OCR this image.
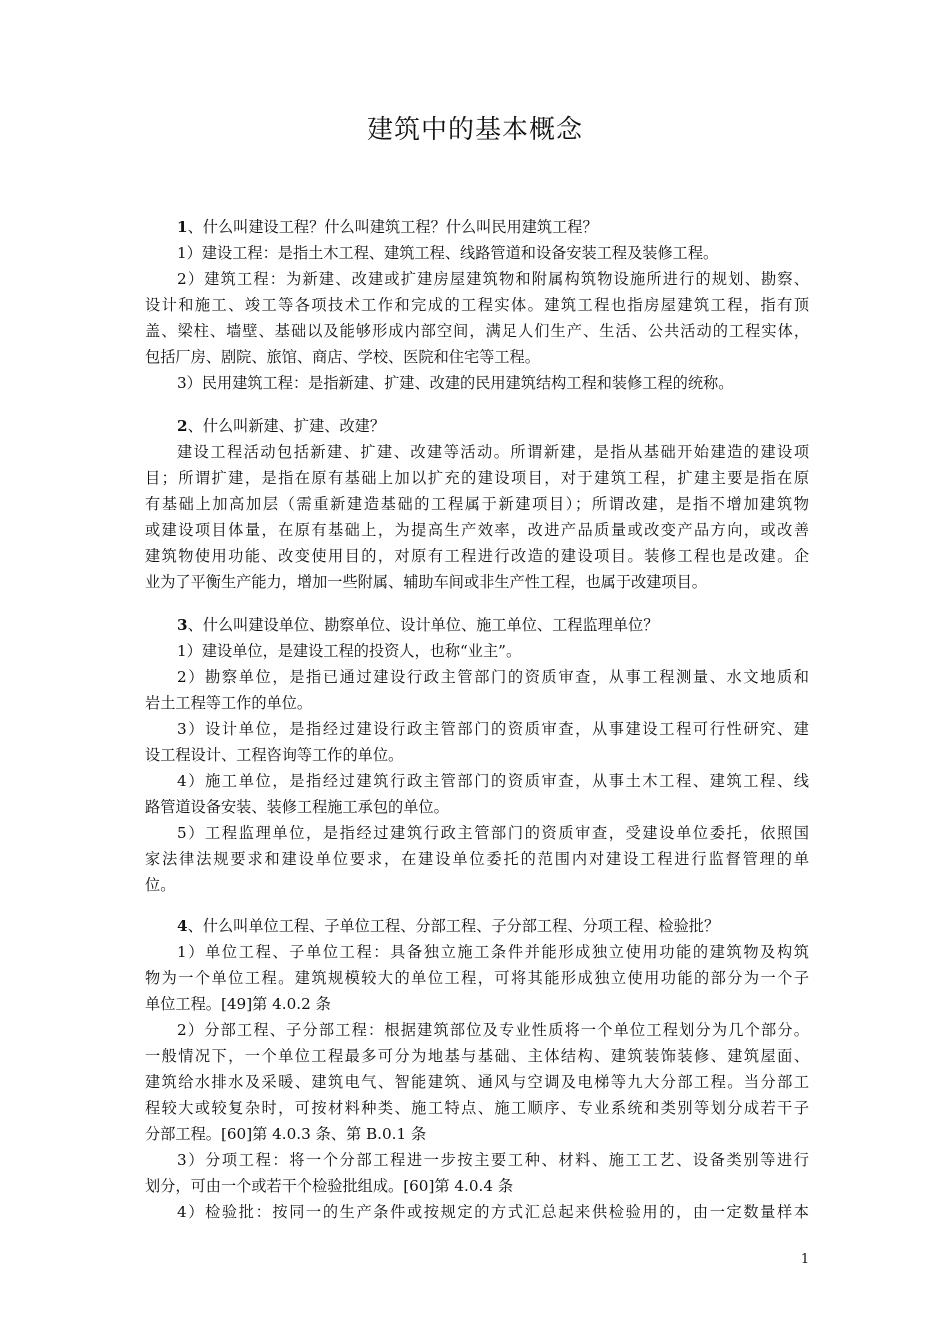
建筑中的基本概念
1、什么叫建设工程？什么叫建筑工程？什么叫民用建筑工程？
1）建设工程：是指土木工程、建筑工程、线路管道和设备安装工程及装修工程。
2）建筑工程：为新建、改建或扩建房屋建筑物和附属构筑物设施所进行的规划、勘察、
设计和施工、竣工等各项技术工作和完成的工程实体。建筑工程也指房屋建筑工程，指有顶
盖、梁柱、墙壁、基础以及能够形成内部空间，满足人们生产、生活、公共活动的工程实体，
包括厂房、剧院、旅馆、商店、学校、医院和住宅等工程。
3）民用建筑工程：是指新建、扩建、改建的民用建筑结构工程和装修工程的统称。
2、什么叫新建、扩建、改建？
建设工程活动包括新建、扩建、改建等活动。所谓新建，是指从基础开始建造的建设项
目；所谓扩建，是指在原有基础上加以扩充的建设项目，对于建筑工程，扩建主要是指在原
有基础上加高加层（需重新建造基础的工程属于新建项目）；所谓改建，是指不增加建筑物
或建设项目体量，在原有基础上，为提高生产效率，改进产品质量或改变产品方向，或改善
建筑物使用功能、改变使用目的，对原有工程进行改造的建设项目。装修工程也是改建。企
业为了平衡生产能力，增加一些附属、辅助车间或非生产性工程，也属于改建项目。
3、什么叫建设单位、勘察单位、设计单位、施工单位、工程监理单位？
1）建设单位，是建设工程的投资人，也称“业主”。
2）勘察单位，是指已通过建设行政主管部门的资质审查，从事工程测量、水文地质和
岩土工程等工作的单位。
3）设计单位，是指经过建设行政主管部门的资质审查，从事建设工程可行性研究、建
设工程设计、工程咨询等工作的单位。
4）施工单位，是指经过建筑行政主管部门的资质审查，从事土木工程、建筑工程、线
路管道设备安装、装修工程施工承包的单位。
5）工程监理单位，是指经过建筑行政主管部门的资质审查，受建设单位委托，依照国
家法律法规要求和建设单位要求，在建设单位委托的范围内对建设工程进行监督管理的单
位。
4、什么叫单位工程、子单位工程、分部工程、子分部工程、分项工程、检验批？
1）单位工程、子单位工程：具备独立施工条件并能形成独立使用功能的建筑物及构筑
物为一个单位工程。建筑规模较大的单位工程，可将其能形成独立使用功能的部分为一个子
单位工程。[49]第 4.0.2 条
2）分部工程、子分部工程：根据建筑部位及专业性质将一个单位工程划分为几个部分。
一般情况下，一个单位工程最多可分为地基与基础、主体结构、建筑装饰装修、建筑屋面、
建筑给水排水及采暖、建筑电气、智能建筑、通风与空调及电梯等九大分部工程。当分部工
程较大或较复杂时，可按材料种类、施工特点、施工顺序、专业系统和类别等划分成若干子
分部工程。[60]第 4.0.3 条、第 B.0.1 条
3）分项工程：将一个分部工程进一步按主要工种、材料、施工工艺、设备类别等进行
划分，可由一个或若干个检验批组成。[60]第 4.0.4 条
4）检验批：按同一的生产条件或按规定的方式汇总起来供检验用的，由一定数量样本
1
